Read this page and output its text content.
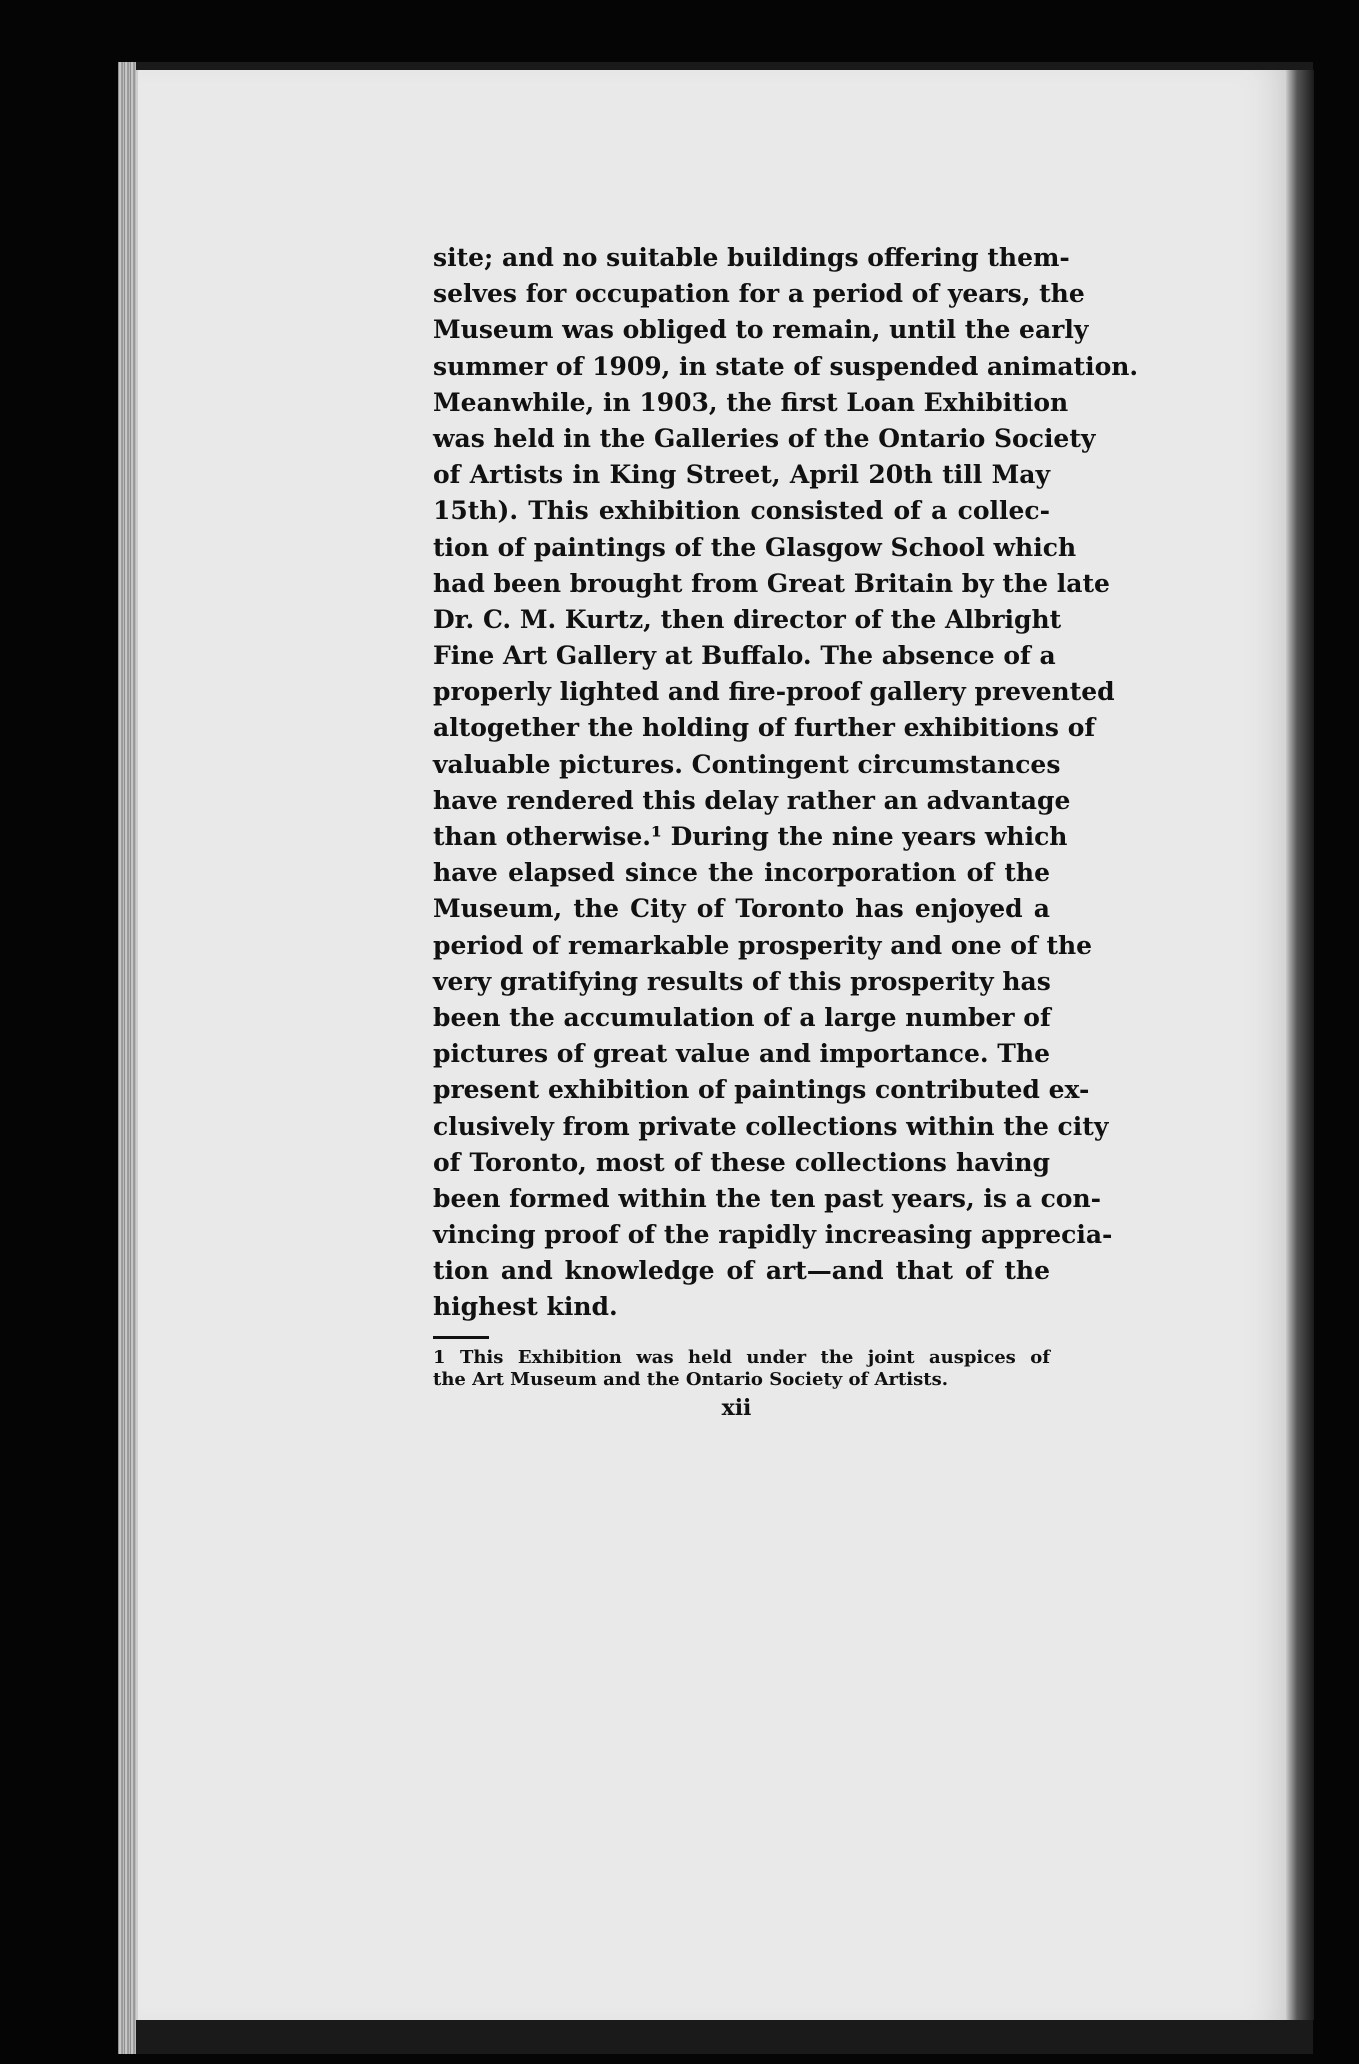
site; and no suitable buildings offering them-
selves for occupation for a period of years, the
Museum was obliged to remain, until the early
summer of 1909, in state of suspended animation.
Meanwhile, in 1903, the first Loan Exhibition
was held in the Galleries of the Ontario Society
of Artists in King Street, April 20th till May
15th). This exhibition consisted of a collec-
tion of paintings of the Glasgow School which
had been brought from Great Britain by the late
Dr. C. M. Kurtz, then director of the Albright
Fine Art Gallery at Buffalo. The absence of a
properly lighted and fire-proof gallery prevented
altogether the holding of further exhibitions of
valuable pictures. Contingent circumstances
have rendered this delay rather an advantage
than otherwise.¹ During the nine years which
have elapsed since the incorporation of the
Museum, the City of Toronto has enjoyed a
period of remarkable prosperity and one of the
very gratifying results of this prosperity has
been the accumulation of a large number of
pictures of great value and importance. The
present exhibition of paintings contributed ex-
clusively from private collections within the city
of Toronto, most of these collections having
been formed within the ten past years, is a con-
vincing proof of the rapidly increasing apprecia-
tion and knowledge of art—and that of the
highest kind.
1 This Exhibition was held under the joint auspices of
the Art Museum and the Ontario Society of Artists.
xii
